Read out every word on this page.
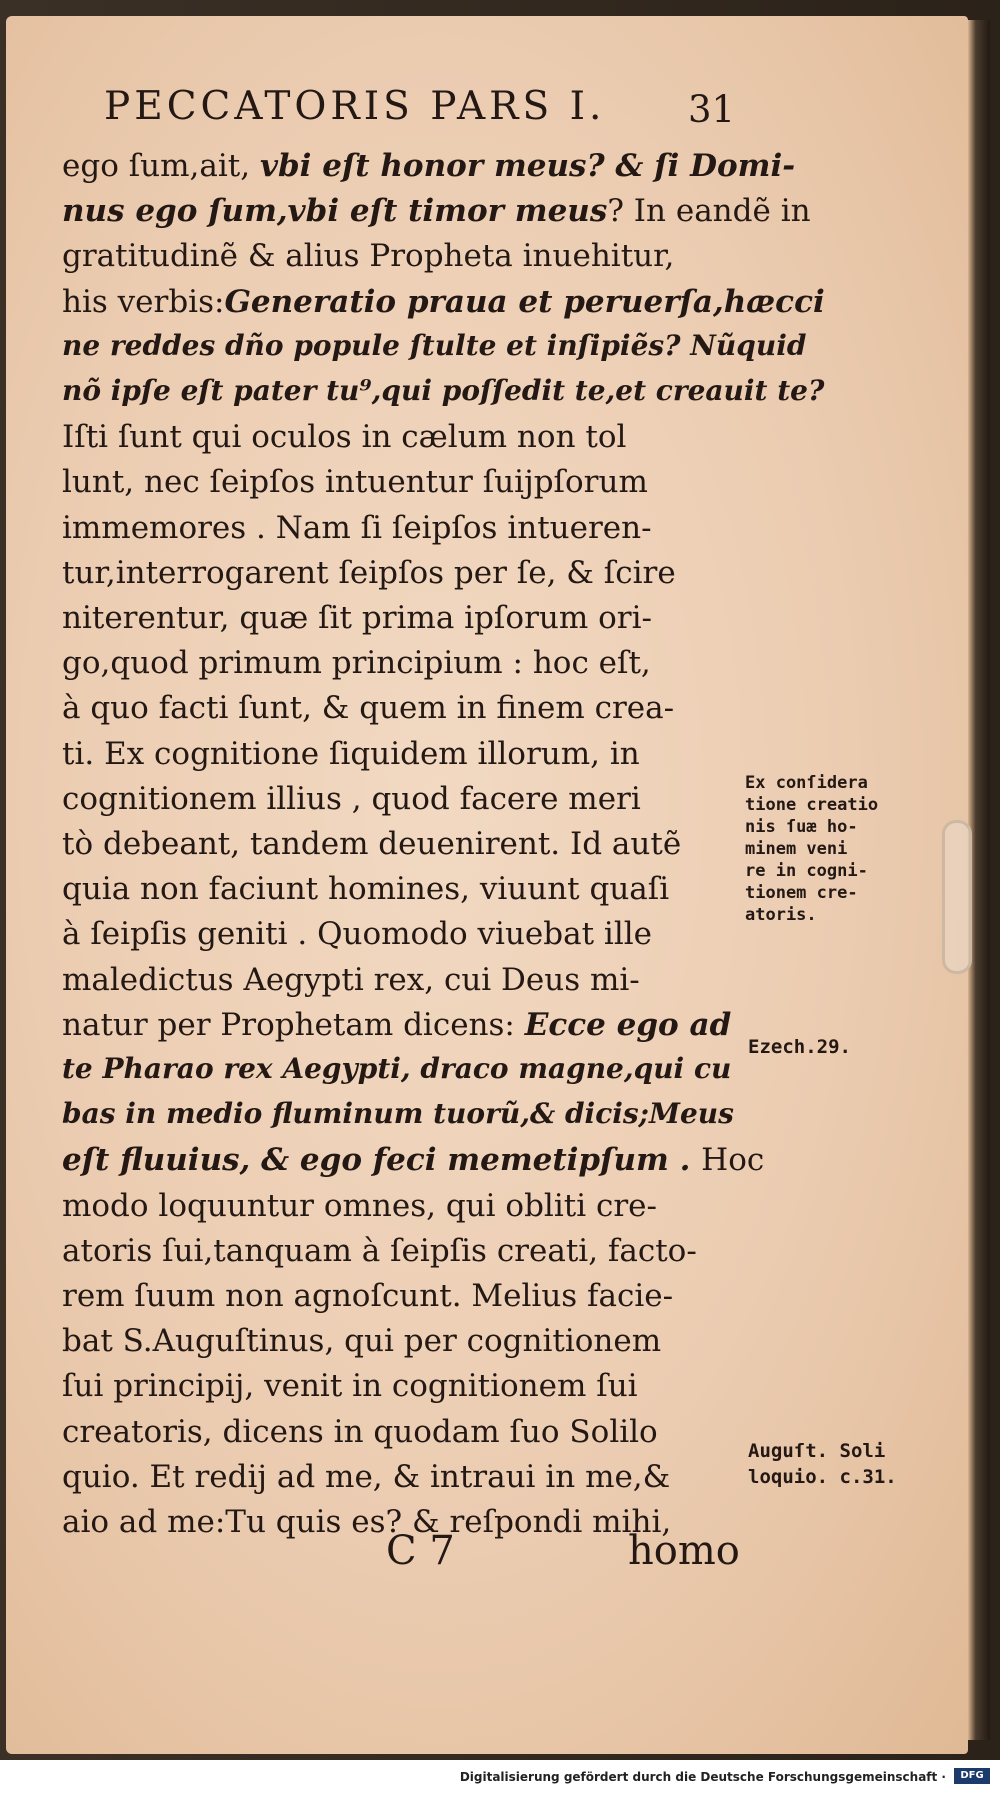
PECCATORIS PARS I. 31
ego ſum,ait, vbi eſt honor meus? & ſi Domi-
nus ego ſum,vbi eſt timor meus? In eandẽ in
gratitudinẽ & alius Propheta inuehitur,
his verbis:Generatio praua et peruerſa,hæcci
ne reddes dño popule ſtulte et inſipiẽs? Nũquid
nõ ipſe eſt pater tu⁹,qui poſſedit te,et creauit te?
Iſti ſunt qui oculos in cælum non tol
lunt, nec ſeipſos intuentur ſuijpſorum
immemores . Nam ſi ſeipſos intueren-
tur,interrogarent ſeipſos per ſe, & ſcire
niterentur, quæ ſit prima ipſorum ori-
go,quod primum principium : hoc eſt,
à quo facti ſunt, & quem in finem crea-
ti. Ex cognitione ſiquidem illorum, in
cognitionem illius , quod facere meri
tò debeant, tandem deuenirent. Id autẽ
quia non faciunt homines, viuunt quaſi
à ſeipſis geniti . Quomodo viuebat ille
maledictus Aegypti rex, cui Deus mi-
natur per Prophetam dicens: Ecce ego ad
te Pharao rex Aegypti, draco magne,qui cu
bas in medio fluminum tuorũ,& dicis;Meus
eſt fluuius, & ego feci memetipſum . Hoc
modo loquuntur omnes, qui obliti cre-
atoris ſui,tanquam à ſeipſis creati, facto-
rem ſuum non agnoſcunt. Melius facie-
bat S.Auguſtinus, qui per cognitionem
ſui principij, venit in cognitionem ſui
creatoris, dicens in quodam ſuo Solilo
quio. Et redij ad me, & intraui in me,&
aio ad me:Tu quis es? & reſpondi mihi,
Ex conſidera
tione creatio
nis ſuæ ho-
minem veni
re in cogni-
tionem cre-
atoris.
Ezech.29.
Auguſt. Soli
loquio. c.31.
C 7	homo
Digitalisierung gefördert durch die Deutsche Forschungsgemeinschaft ·	DFG
